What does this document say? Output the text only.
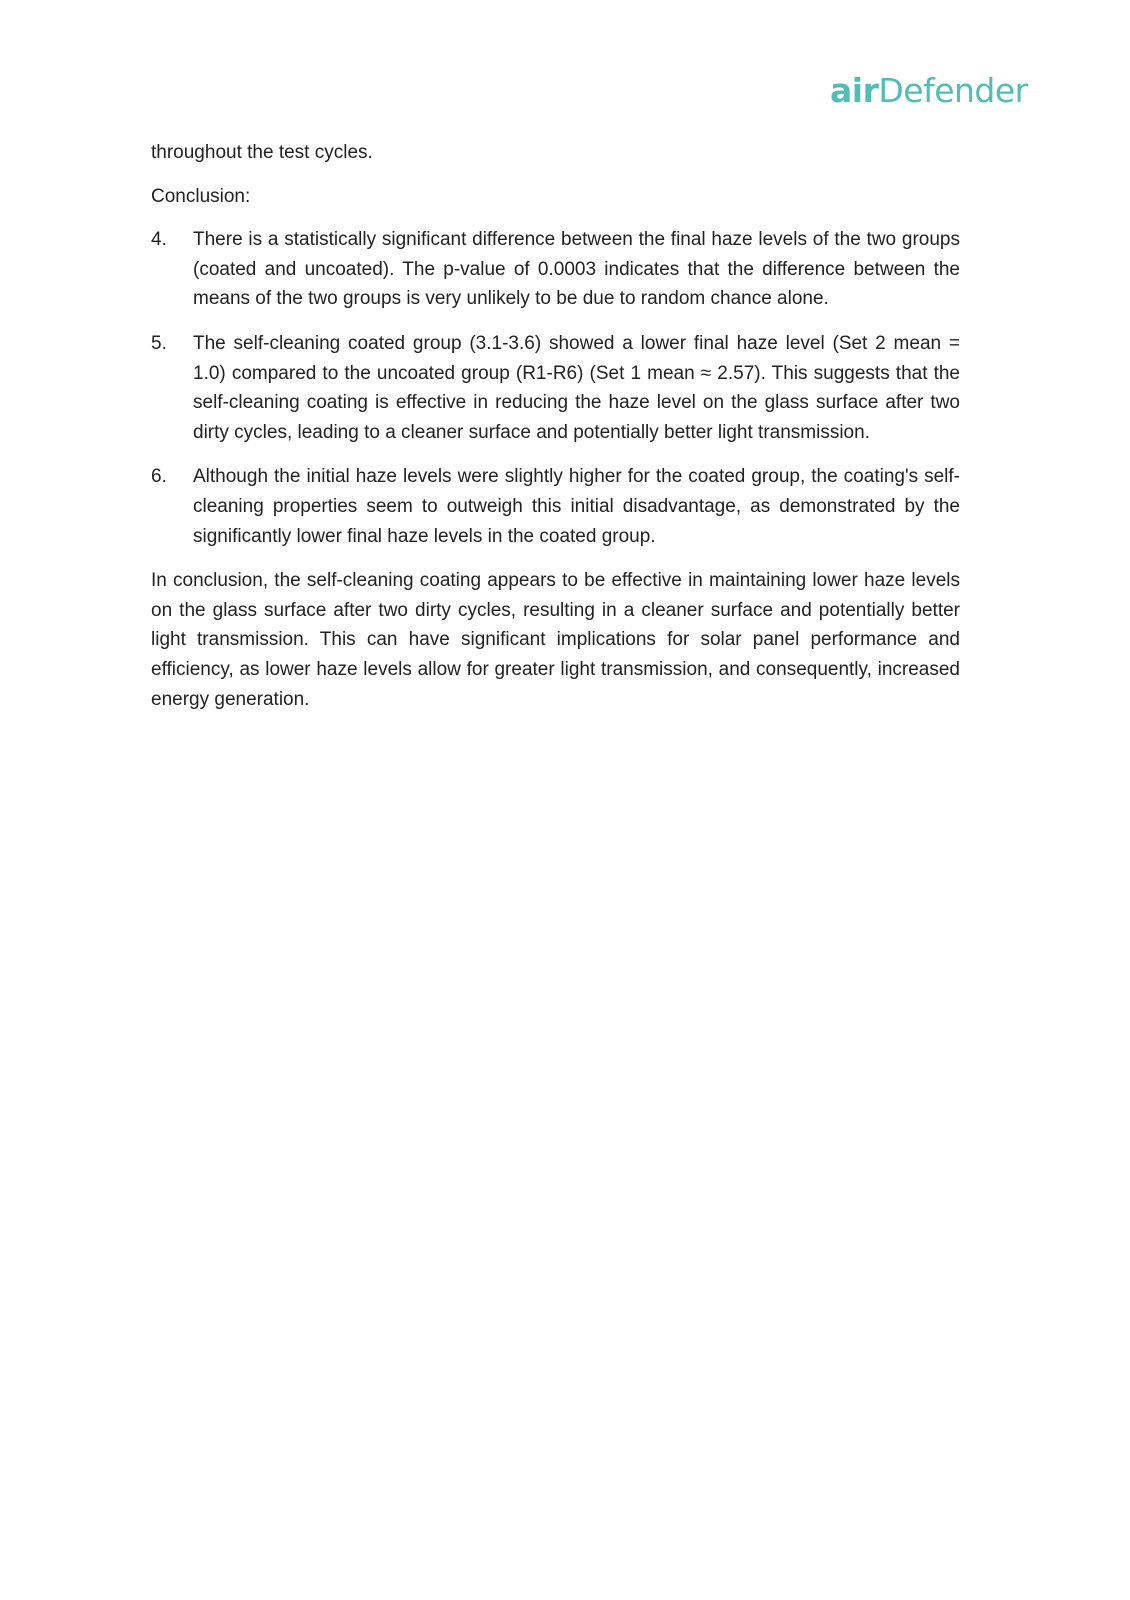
airDefender

throughout the test cycles.

Conclusion:

4. There is a statistically significant difference between the final haze levels of the two groups (coated and uncoated). The p-value of 0.0003 indicates that the difference between the means of the two groups is very unlikely to be due to random chance alone.
5. The self-cleaning coated group (3.1-3.6) showed a lower final haze level (Set 2 mean = 1.0) compared to the uncoated group (R1-R6) (Set 1 mean ≈ 2.57). This suggests that the self-cleaning coating is effective in reducing the haze level on the glass surface after two dirty cycles, leading to a cleaner surface and potentially better light transmission.
6. Although the initial haze levels were slightly higher for the coated group, the coating's self-cleaning properties seem to outweigh this initial disadvantage, as demonstrated by the significantly lower final haze levels in the coated group.

In conclusion, the self-cleaning coating appears to be effective in maintaining lower haze levels on the glass surface after two dirty cycles, resulting in a cleaner surface and potentially better light transmission. This can have significant implications for solar panel performance and efficiency, as lower haze levels allow for greater light transmission, and consequently, increased energy generation.
